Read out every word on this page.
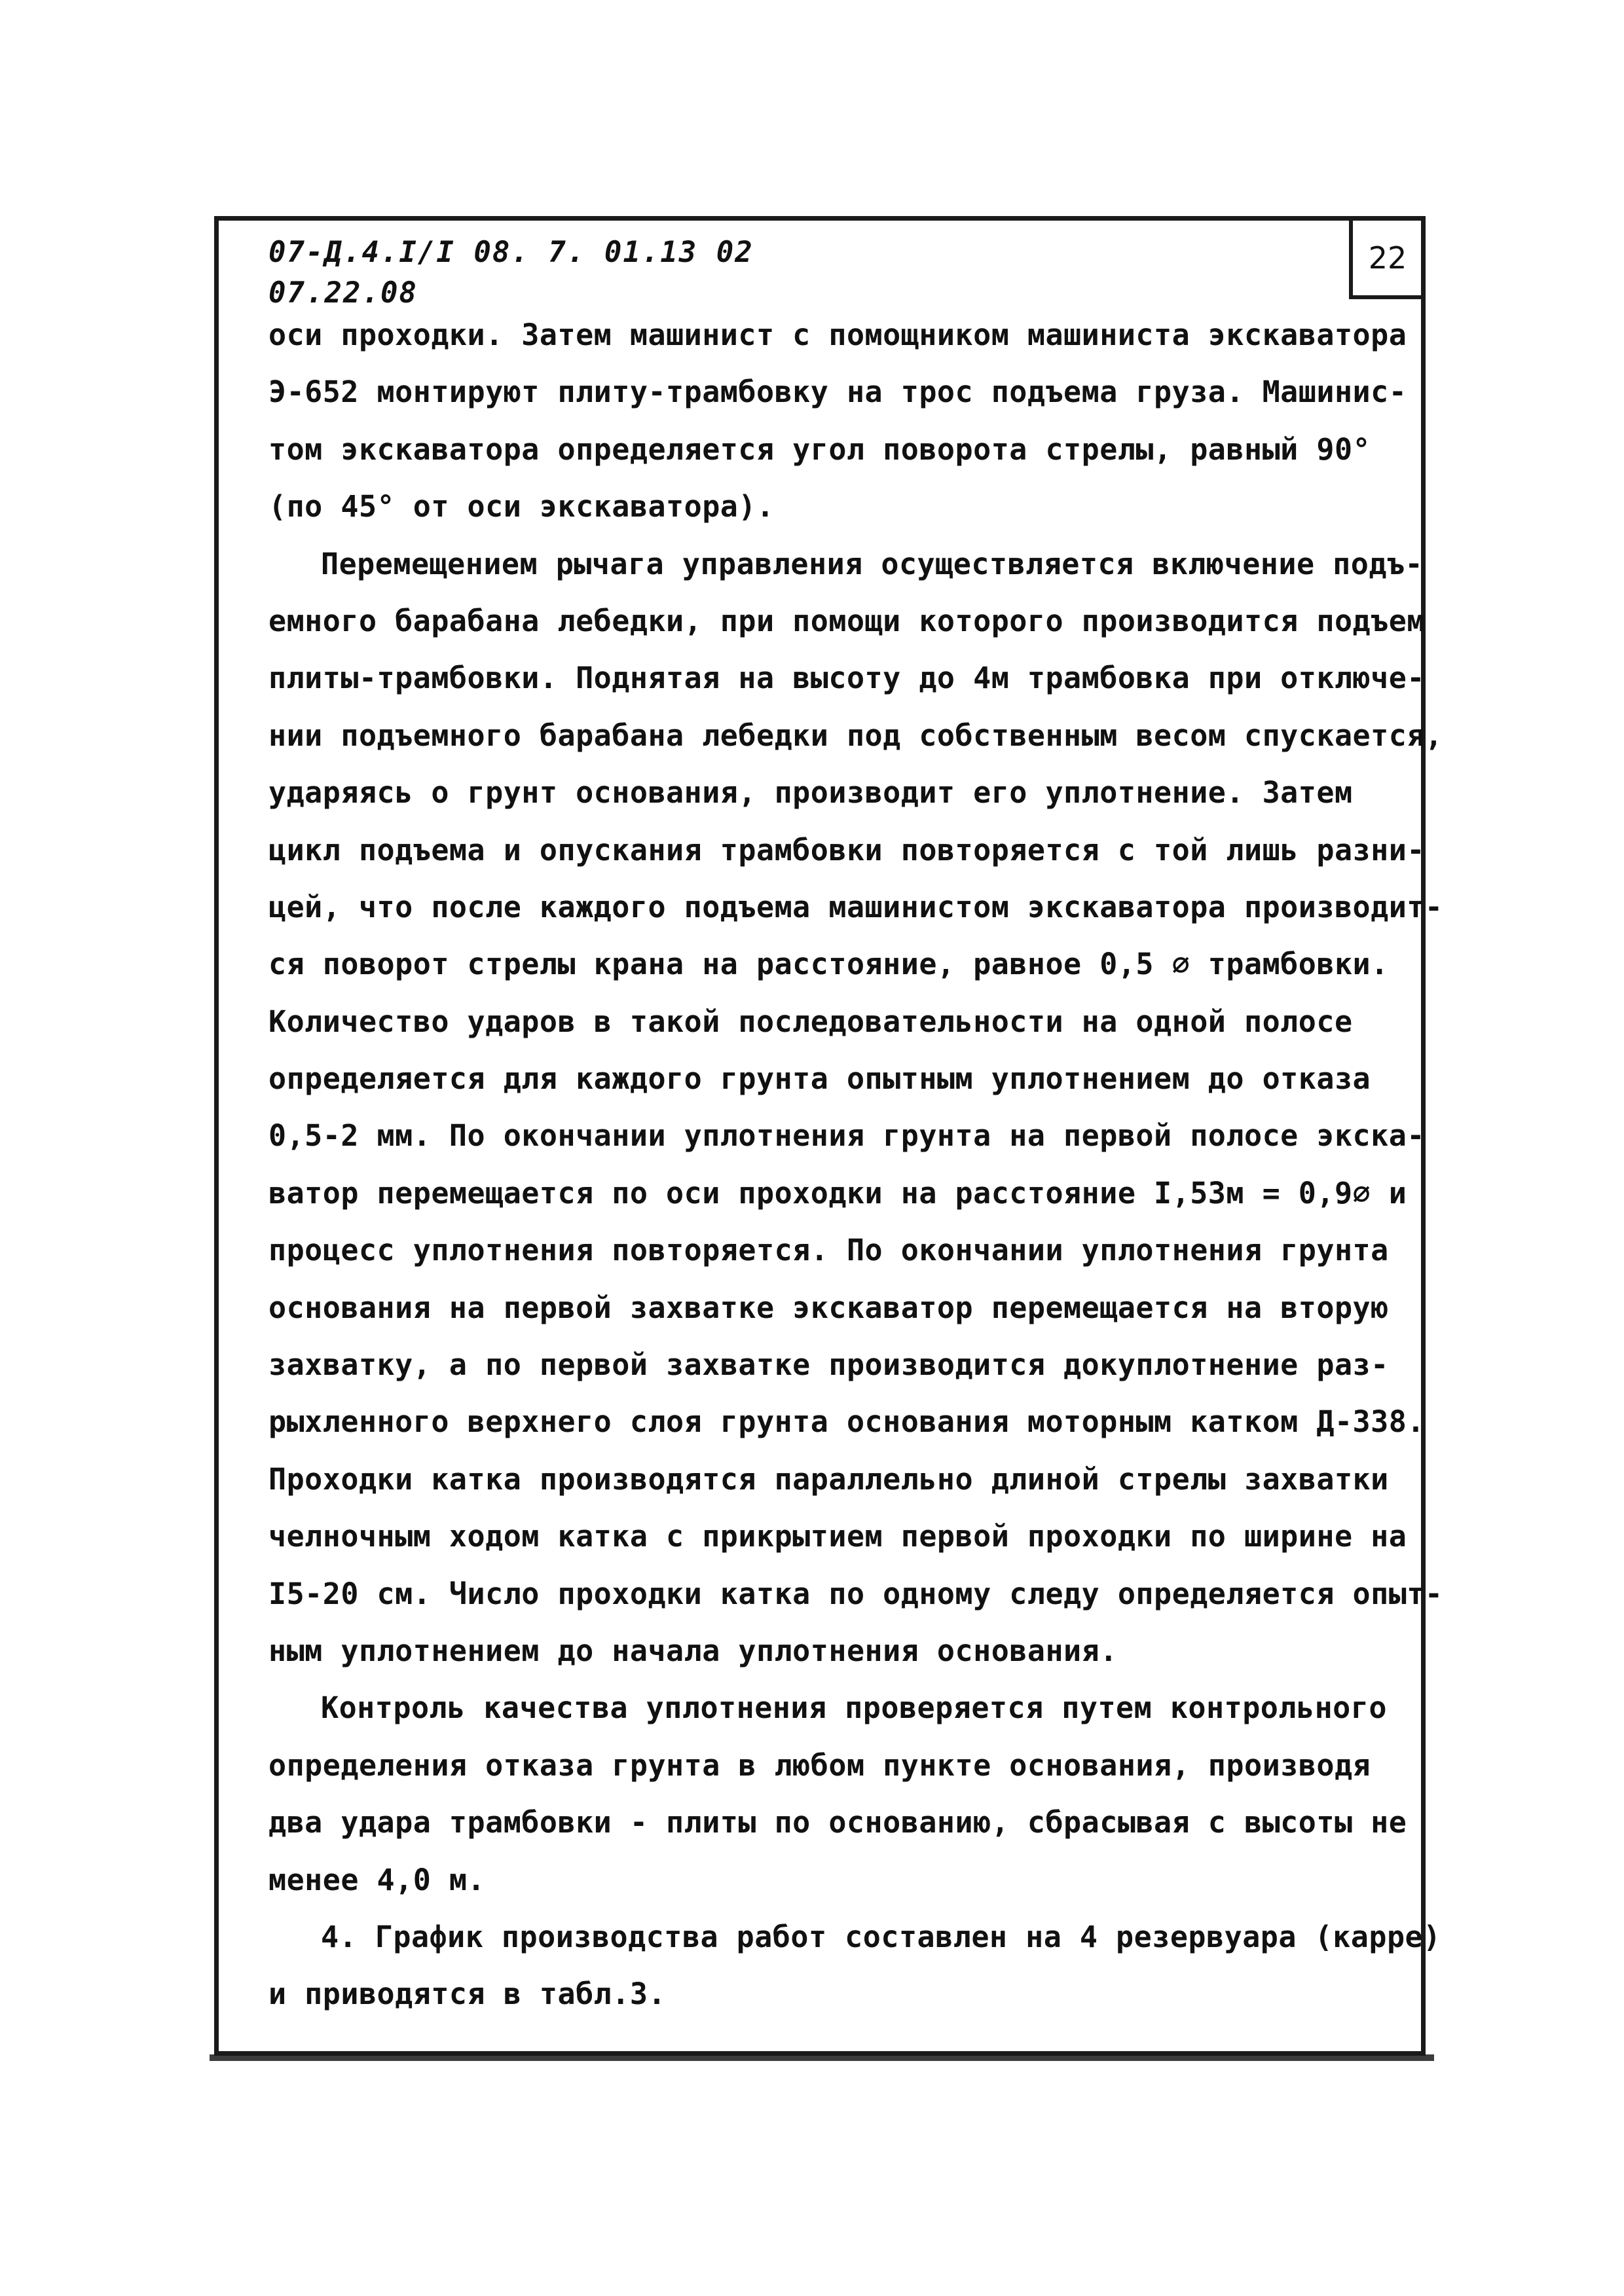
07-Д.4.I/I 08. 7. 01.13 02
07.22.08
22
оси проходки. Затем машинист с помощником машиниста экскаватора
Э-652 монтируют плиту-трамбовку на трос подъема груза. Машинис-
том экскаватора определяется угол поворота стрелы, равный 90°
(по 45° от оси экскаватора).
Перемещением рычага управления осуществляется включение подъ-
емного барабана лебедки, при помощи которого производится подъем
плиты-трамбовки. Поднятая на высоту до 4м трамбовка при отключе-
нии подъемного барабана лебедки под собственным весом спускается,
ударяясь о грунт основания, производит его уплотнение. Затем
цикл подъема и опускания трамбовки повторяется с той лишь разни-
цей, что после каждого подъема машинистом экскаватора производит-
ся поворот стрелы крана на расстояние, равное 0,5 ∅ трамбовки.
Количество ударов в такой последовательности на одной полосе
определяется для каждого грунта опытным уплотнением до отказа
0,5-2 мм. По окончании уплотнения грунта на первой полосе экска-
ватор перемещается по оси проходки на расстояние I,53м = 0,9∅ и
процесс уплотнения повторяется. По окончании уплотнения грунта
основания на первой захватке экскаватор перемещается на вторую
захватку, а по первой захватке производится докуплотнение раз-
рыхленного верхнего слоя грунта основания моторным катком Д-338.
Проходки катка производятся параллельно длиной стрелы захватки
челночным ходом катка с прикрытием первой проходки по ширине на
I5-20 см. Число проходки катка по одному следу определяется опыт-
ным уплотнением до начала уплотнения основания.
Контроль качества уплотнения проверяется путем контрольного
определения отказа грунта в любом пункте основания, производя
два удара трамбовки - плиты по основанию, сбрасывая с высоты не
менее 4,0 м.
4. График производства работ составлен на 4 резервуара (карре)
и приводятся в табл.3.
